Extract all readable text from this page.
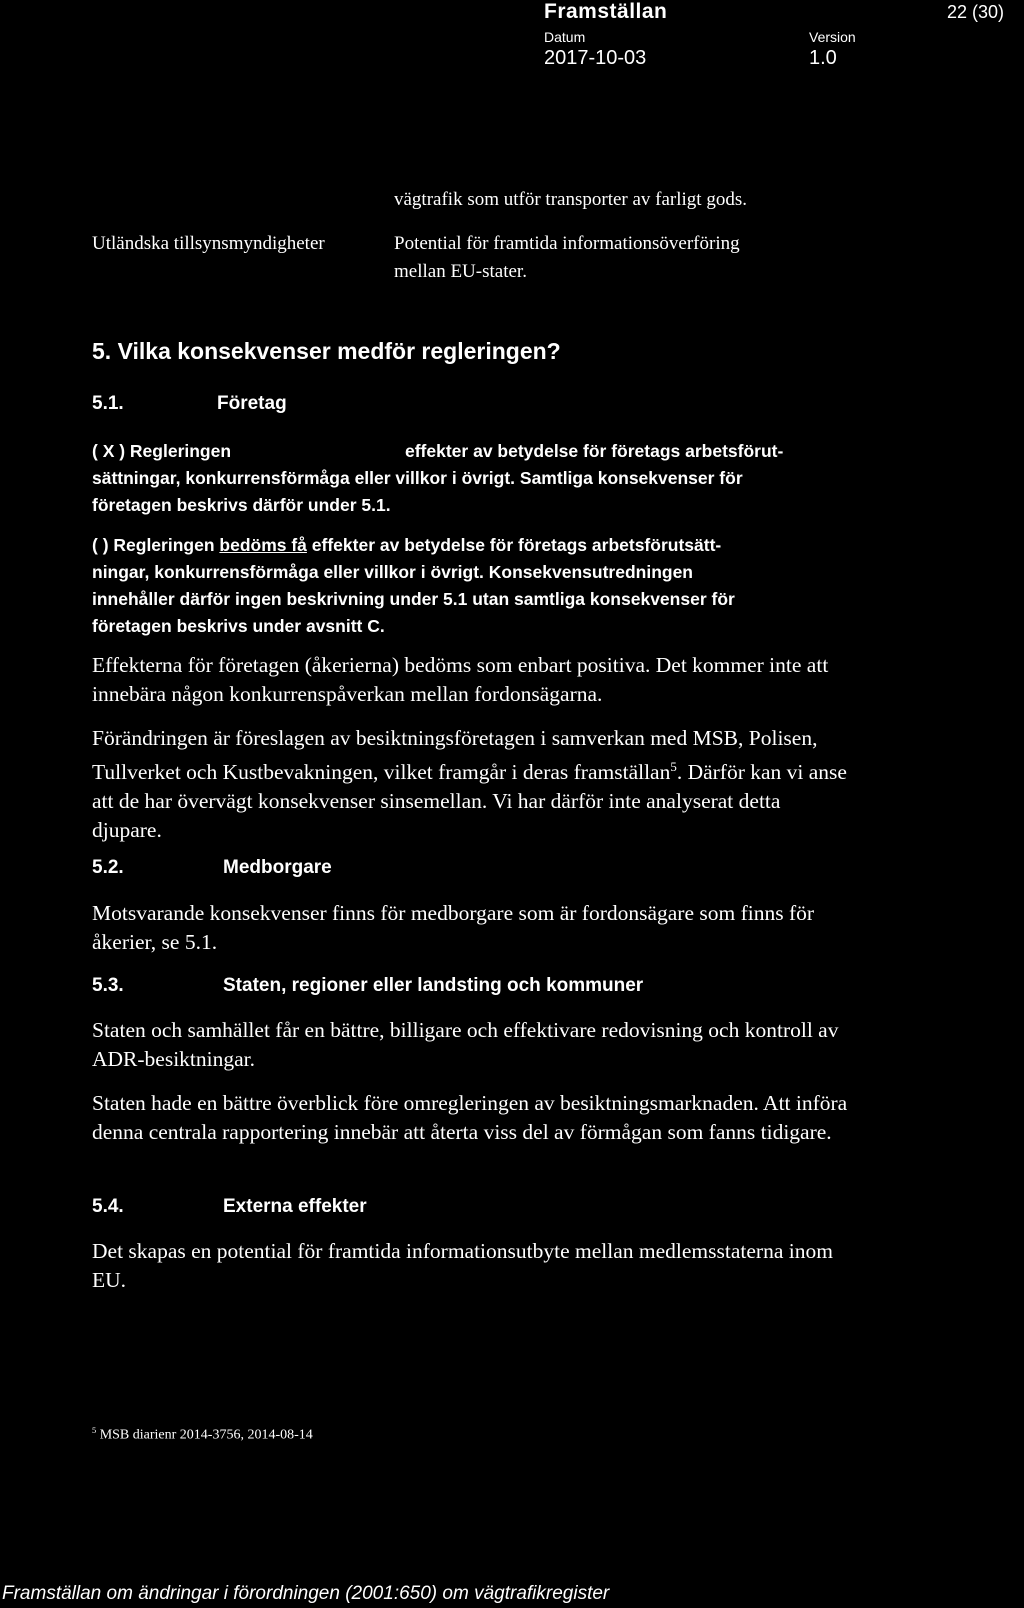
Framställan	22 (30)
Datum
2017-10-03
Version
1.0
vägtrafik som utför transporter av farligt gods.
Utländska tillsynsmyndigheter	Potential för framtida informationsöverföring
mellan EU-stater.
5. Vilka konsekvenser medför regleringen?
5.1.	Företag
( X ) Regleringen	effekter av betydelse för företags arbetsförut-
sättningar, konkurrensförmåga eller villkor i övrigt. Samtliga konsekvenser för
företagen beskrivs därför under 5.1.
( ) Regleringen bedöms få effekter av betydelse för företags arbetsförutsätt-
ningar, konkurrensförmåga eller villkor i övrigt. Konsekvensutredningen
innehåller därför ingen beskrivning under 5.1 utan samtliga konsekvenser för
företagen beskrivs under avsnitt C.
Effekterna för företagen (åkerierna) bedöms som enbart positiva. Det kommer inte att innebära någon konkurrenspåverkan mellan fordonsägarna.
Förändringen är föreslagen av besiktningsföretagen i samverkan med MSB, Polisen, Tullverket och Kustbevakningen, vilket framgår i deras framställan$^5$. Därför kan vi anse att de har övervägt konsekvenser sinsemellan. Vi har därför inte analyserat detta djupare.
5.2.	Medborgare
Motsvarande konsekvenser finns för medborgare som är fordonsägare som finns för åkerier, se 5.1.
5.3.	Staten, regioner eller landsting och kommuner
Staten och samhället får en bättre, billigare och effektivare redovisning och kontroll av ADR-besiktningar.
Staten hade en bättre överblick före omregleringen av besiktningsmarknaden. Att införa denna centrala rapportering innebär att återta viss del av förmågan som fanns tidigare.
5.4.	Externa effekter
Det skapas en potential för framtida informationsutbyte mellan medlemsstaterna inom EU.
$^5$ MSB diarienr 2014-3756, 2014-08-14
Framställan om ändringar i förordningen (2001:650) om vägtrafikregister
